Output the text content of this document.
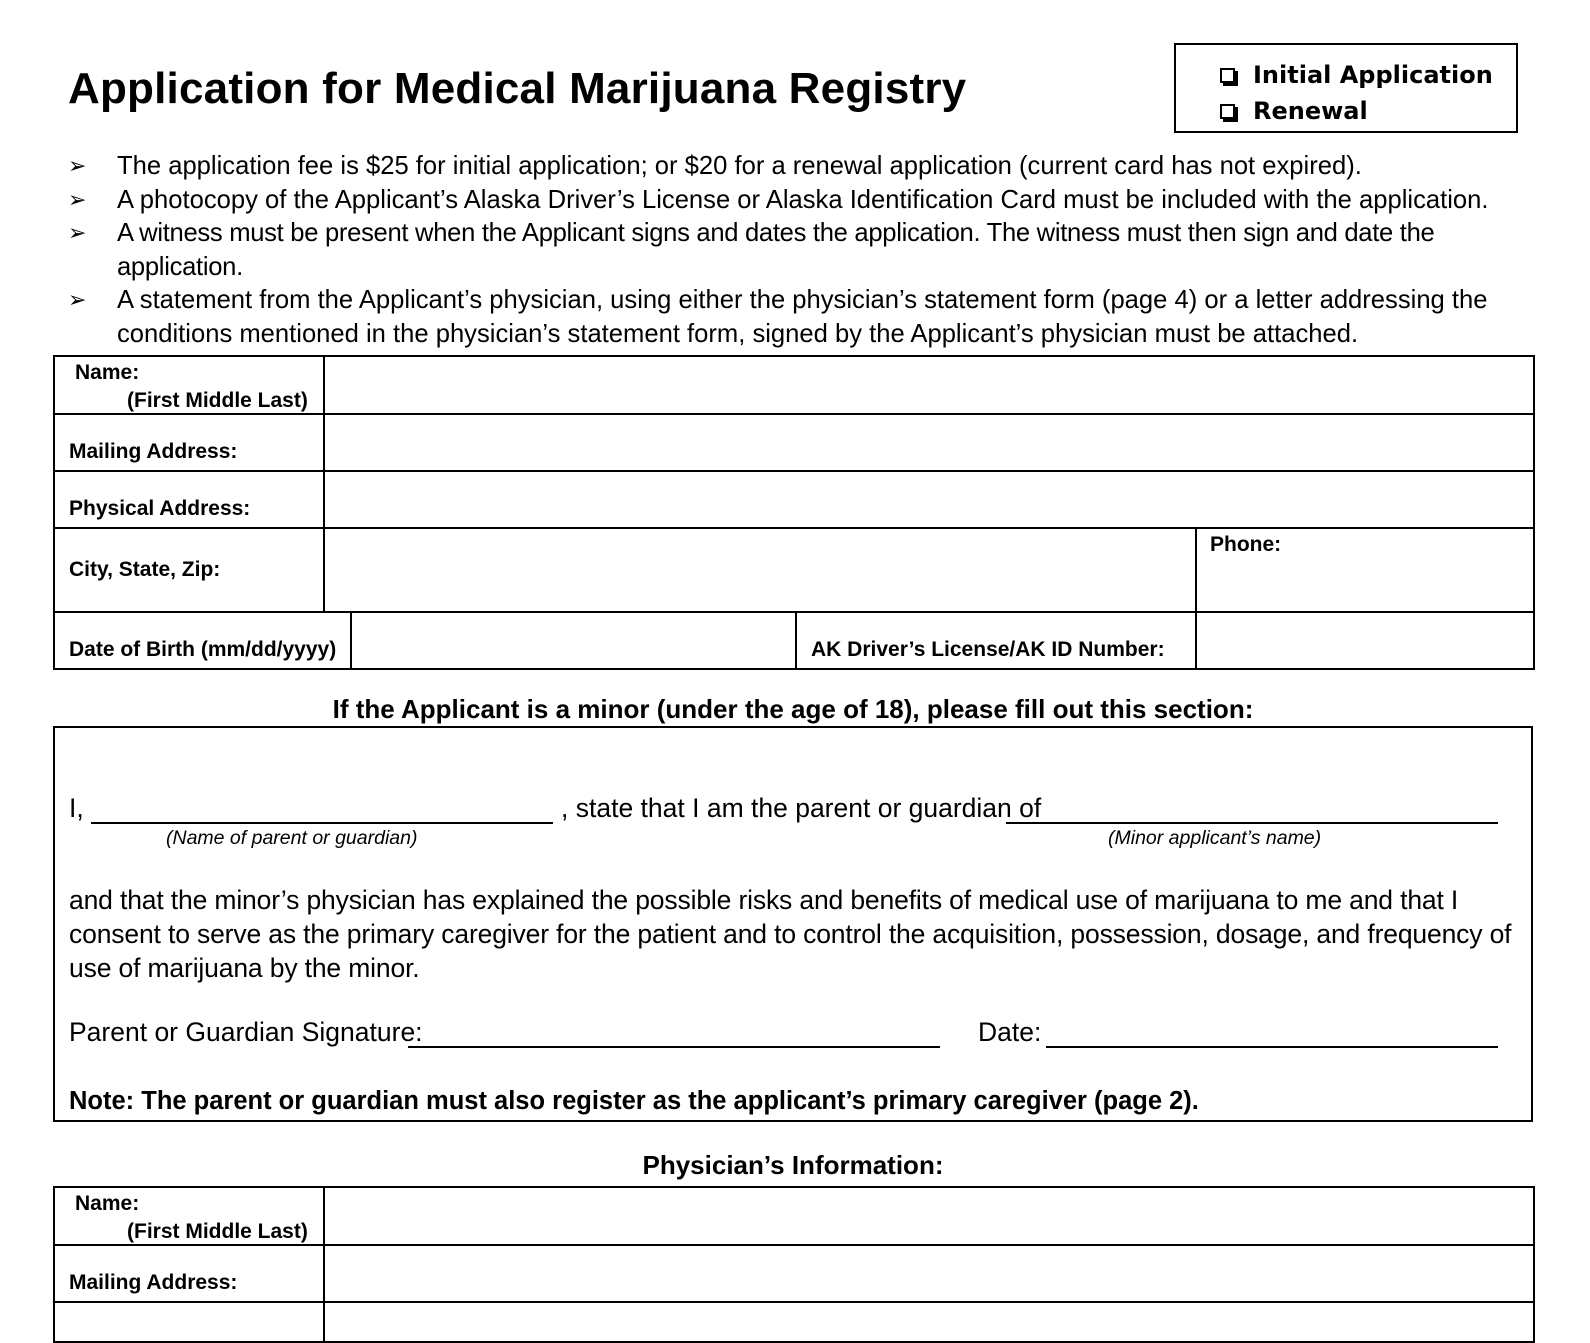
Application for Medical Marijuana Registry	Initial Application
Renewal
➢	The application fee is $25 for initial application; or $20 for a renewal application (current card has not expired).
➢	A photocopy of the Applicant’s Alaska Driver’s License or Alaska Identification Card must be included with the application.
➢	A witness must be present when the Applicant signs and dates the application. The witness must then sign and date the application.
➢	A statement from the Applicant’s physician, using either the physician’s statement form (page 4) or a letter addressing the conditions mentioned in the physician’s statement form, signed by the Applicant’s physician must be attached.
Name:
(First Middle Last)				

Mailing Address:				

Physical Address:				

City, State, Zip:				Phone:

Date of Birth (mm/dd/yyyy)			AK Driver’s License/AK ID Number:	

If the Applicant is a minor (under the age of 18), please fill out this section:
I,	, state that I am the parent or guardian of
(Name of parent or guardian)	(Minor applicant’s name)
and that the minor’s physician has explained the possible risks and benefits of medical use of marijuana to me and that I consent to serve as the primary caregiver for the patient and to control the acquisition, possession, dosage, and frequency of use of marijuana by the minor.
Parent or Guardian Signature:	Date:
Note: The parent or guardian must also register as the applicant’s primary caregiver (page 2).
Physician’s Information:
Name:
(First Middle Last)	

Mailing Address:	
